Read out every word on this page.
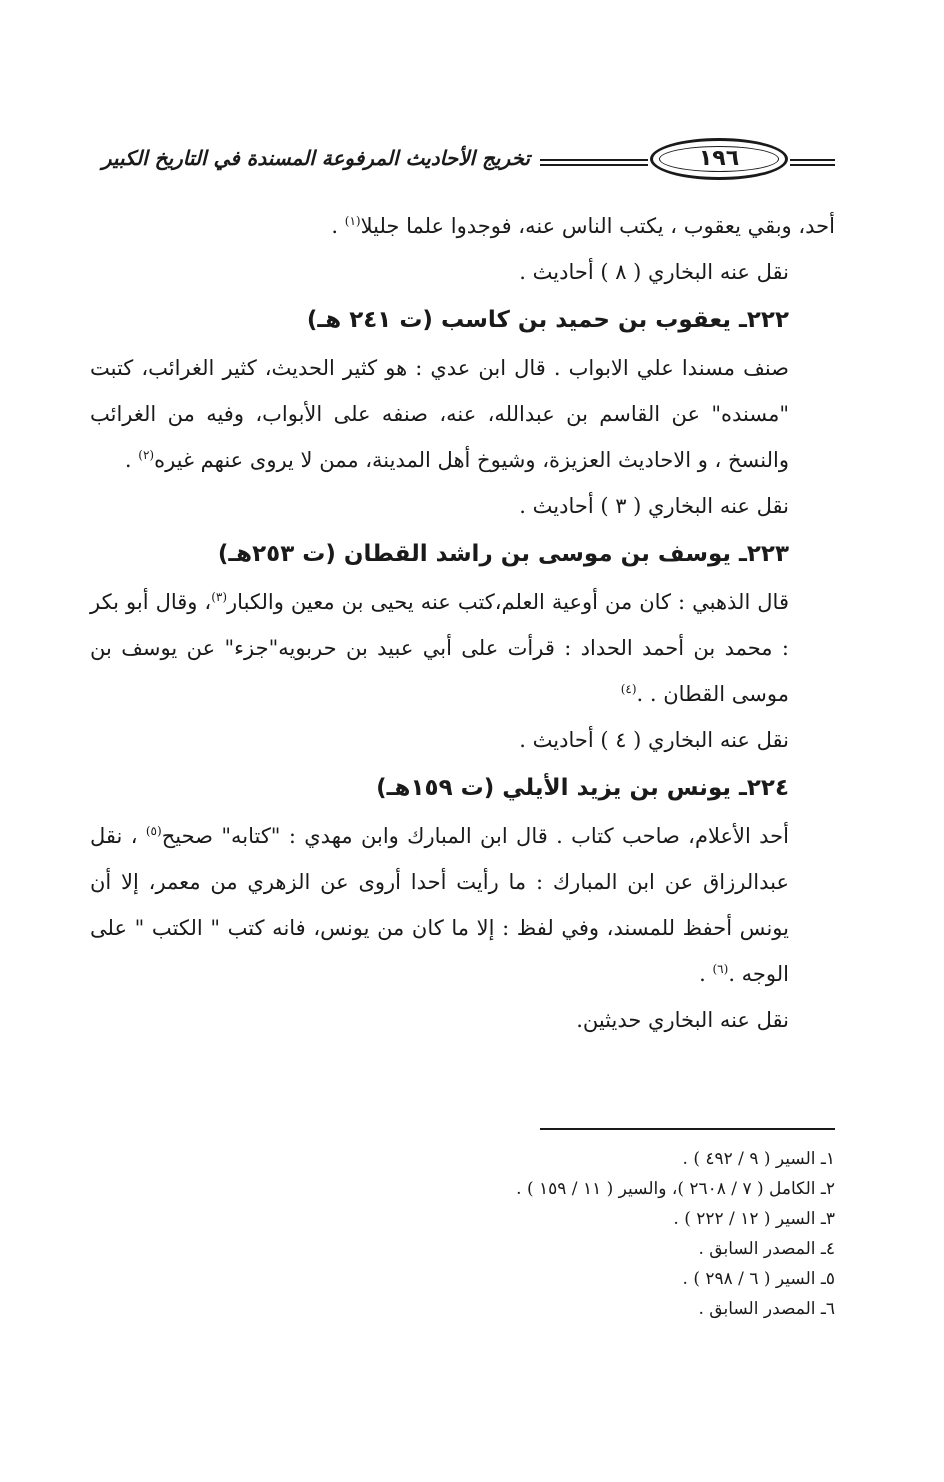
تخريج الأحاديث المرفوعة المسندة في التاريخ الكبير	١٩٦
أحد، وبقي يعقوب ، يكتب الناس عنه، فوجدوا علما جليلا$^{(١)}$ .
نقل عنه البخاري ( ٨ ) أحاديث .
٢٢٢ـ يعقوب بن حميد بن كاسب (ت ٢٤١ هـ)
صنف مسندا علي الابواب . قال ابن عدي : هو كثير الحديث، كثير الغرائب، كتبت "مسنده" عن القاسم بن عبدالله، عنه، صنفه على الأبواب، وفيه من الغرائب والنسخ ، و الاحاديث العزيزة، وشيوخ أهل المدينة، ممن لا يروى عنهم غيره$^{(٢)}$ .
نقل عنه البخاري ( ٣ ) أحاديث .
٢٢٣ـ يوسف بن موسى بن راشد القطان (ت ٢٥٣هـ)
قال الذهبي : كان من أوعية العلم،كتب عنه يحيى بن معين والكبار$^{(٣)}$، وقال أبو بكر : محمد بن أحمد الحداد : قرأت على أبي عبيد بن حربويه"جزء" عن يوسف بن موسى القطان . .$^{(٤)}$
نقل عنه البخاري ( ٤ ) أحاديث .
٢٢٤ـ يونس بن يزيد الأيلي (ت ١٥٩هـ)
أحد الأعلام، صاحب كتاب . قال ابن المبارك وابن مهدي : "كتابه" صحيح$^{(٥)}$ ، نقل عبدالرزاق عن ابن المبارك : ما رأيت أحدا أروى عن الزهري من معمر، إلا أن يونس أحفظ للمسند، وفي لفظ : إلا ما كان من يونس، فانه كتب " الكتب " على الوجه .$^{(٦)}$ .
نقل عنه البخاري حديثين.
١ـ السير ( ٩ / ٤٩٢ ) .
٢ـ الكامل ( ٧ / ٢٦٠٨ )، والسير ( ١١ / ١٥٩ ) .
٣ـ السير ( ١٢ / ٢٢٢ ) .
٤ـ المصدر السابق .
٥ـ السير ( ٦ / ٢٩٨ ) .
٦ـ المصدر السابق .
